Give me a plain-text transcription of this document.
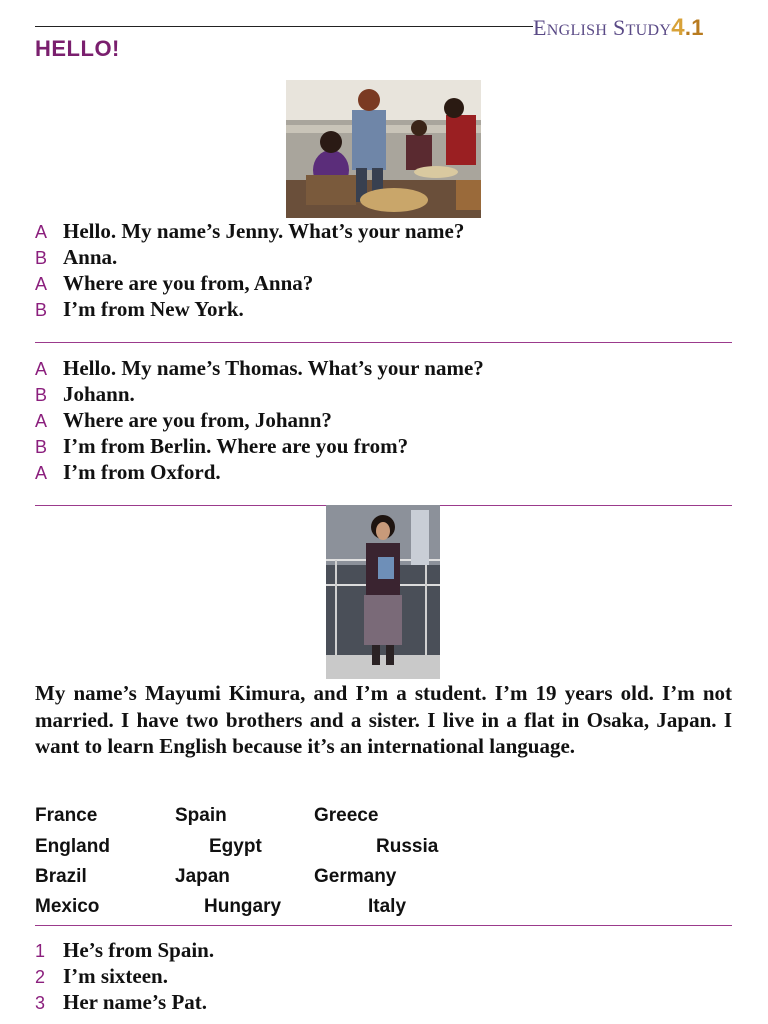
ENGLISH STUDY4.1
HELLO!
A Hello. My name’s Jenny. What’s your name?
B Anna.
A Where are you from, Anna?
B I’m from New York.
A Hello. My name’s Thomas. What’s your name?
B Johann.
A Where are you from, Johann?
B I’m from Berlin. Where are you from?
A I’m from Oxford.
My name’s Mayumi Kimura, and I’m a student. I’m 19 years old. I’m not married. I have two brothers and a sister. I live in a flat in Osaka, Japan. I want to learn English because it’s an international language.
France	Spain	Greece
England	Egypt	Russia
Brazil	Japan	Germany
Mexico	Hungary	Italy
1 He’s from Spain.
2 I’m sixteen.
3 Her name’s Pat.
